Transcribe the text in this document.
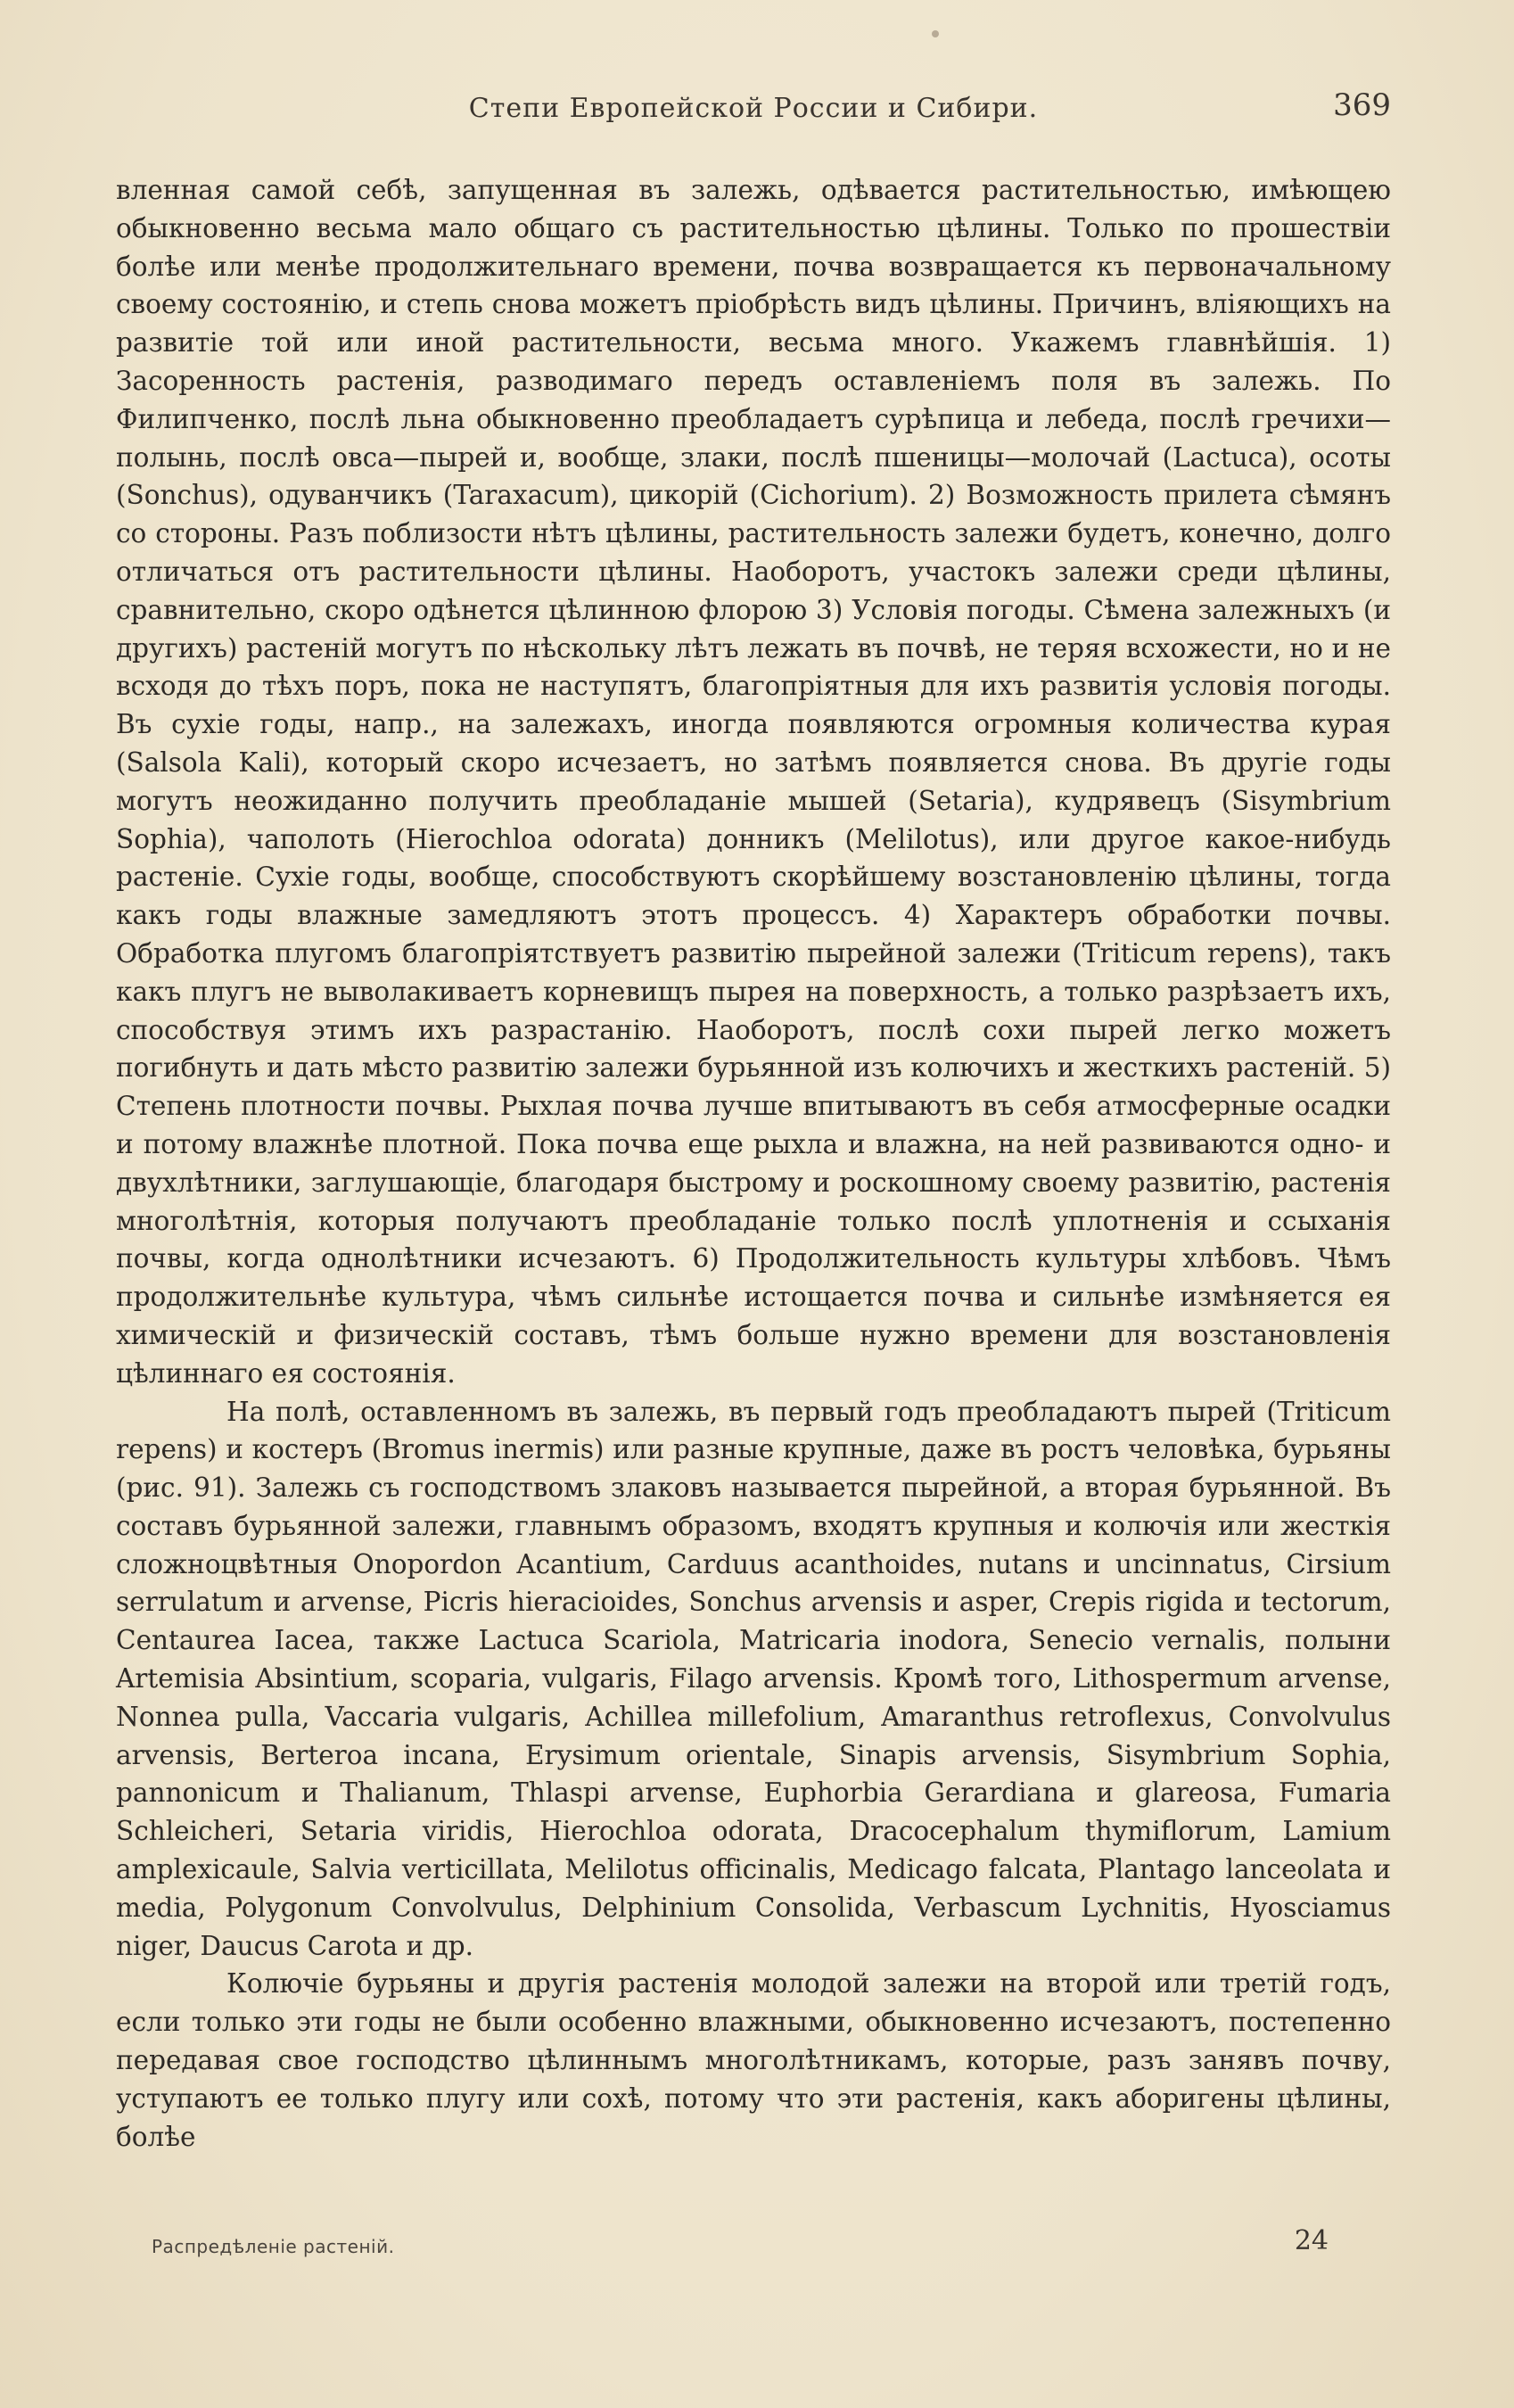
Степи Европейской России и Сибири.	369

вленная самой себѣ, запущенная въ залежь, одѣвается растительностью, имѣющею обыкновенно весьма мало общаго съ растительностью цѣлины. Только по прошествіи болѣе или менѣе продолжительнаго времени, почва возвращается къ первоначальному своему состоянію, и степь снова можетъ пріобрѣсть видъ цѣлины. Причинъ, вліяющихъ на развитіе той или иной растительности, весьма много. Укажемъ главнѣйшія. 1) Засоренность растенія, разводимаго передъ оставленіемъ поля въ залежь. По Филипченко, послѣ льна обыкновенно преобладаетъ сурѣпица и лебеда, послѣ гречихи—полынь, послѣ овса—пырей и, вообще, злаки, послѣ пшеницы—молочай (Lactuca), осоты (Sonchus), одуванчикъ (Taraxacum), цикорій (Cichorium). 2) Возможность прилета сѣмянъ со стороны. Разъ поблизости нѣтъ цѣлины, растительность залежи будетъ, конечно, долго отличаться отъ растительности цѣлины. Наоборотъ, участокъ залежи среди цѣлины, сравнительно, скоро одѣнется цѣлинною флорою 3) Условія погоды. Сѣмена залежныхъ (и другихъ) растеній могутъ по нѣскольку лѣтъ лежать въ почвѣ, не теряя всхожести, но и не всходя до тѣхъ поръ, пока не наступятъ, благопріятныя для ихъ развитія условія погоды. Въ сухіе годы, напр., на залежахъ, иногда появляются огромныя количества курая (Salsola Kali), который скоро исчезаетъ, но затѣмъ появляется снова. Въ другіе годы могутъ неожиданно получить преобладаніе мышей (Setaria), кудрявецъ (Sisymbrium Sophia), чаполоть (Hierochloa odorata) донникъ (Melilotus), или другое какое-нибудь растеніе. Сухіе годы, вообще, способствуютъ скорѣйшему возстановленію цѣлины, тогда какъ годы влажные замедляютъ этотъ процессъ. 4) Характеръ обработки почвы. Обработка плугомъ благопріятствуетъ развитію пырейной залежи (Triticum repens), такъ какъ плугъ не выволакиваетъ корневищъ пырея на поверхность, а только разрѣзаетъ ихъ, способствуя этимъ ихъ разрастанію. Наоборотъ, послѣ сохи пырей легко можетъ погибнуть и дать мѣсто развитію залежи бурьянной изъ колючихъ и жесткихъ растеній. 5) Степень плотности почвы. Рыхлая почва лучше впитываютъ въ себя атмосферные осадки и потому влажнѣе плотной. Пока почва еще рыхла и влажна, на ней развиваются одно- и двухлѣтники, заглушающіе, благодаря быстрому и роскошному своему развитію, растенія многолѣтнія, которыя получаютъ преобладаніе только послѣ уплотненія и ссыханія почвы, когда однолѣтники исчезаютъ. 6) Продолжительность культуры хлѣбовъ. Чѣмъ продолжительнѣе культура, чѣмъ сильнѣе истощается почва и сильнѣе измѣняется ея химическій и физическій составъ, тѣмъ больше нужно времени для возстановленія цѣлиннаго ея состоянія.

На полѣ, оставленномъ въ залежь, въ первый годъ преобладаютъ пырей (Triticum repens) и костеръ (Bromus inermis) или разные крупные, даже въ ростъ человѣка, бурьяны (рис. 91). Залежь съ господствомъ злаковъ называется пырейной, а вторая бурьянной. Въ составъ бурьянной залежи, главнымъ образомъ, входятъ крупныя и колючія или жесткія сложноцвѣтныя Onopordon Acantium, Carduus acanthoides, nutans и uncinnatus, Cirsium serrulatum и arvense, Picris hieracioides, Sonchus arvensis и asper, Crepis rigida и tectorum, Centaurea Iacea, также Lactuca Scariola, Matricaria inodora, Senecio vernalis, полыни Artemisia Absintium, scoparia, vulgaris, Filago arvensis. Кромѣ того, Lithospermum arvense, Nonnea pulla, Vaccaria vulgaris, Achillea millefolium, Amaranthus retroflexus, Convolvulus arvensis, Berteroa incana, Erysimum orientale, Sinapis arvensis, Sisymbrium Sophia, pannonicum и Thalianum, Thlaspi arvense, Euphorbia Gerardiana и glareosa, Fumaria Schleicheri, Setaria viridis, Hierochloa odorata, Dracocephalum thymiflorum, Lamium amplexicaule, Salvia verticillata, Melilotus officinalis, Medicago falcata, Plantago lanceolata и media, Polygonum Convolvulus, Delphinium Consolida, Verbascum Lychnitis, Hyosciamus niger, Daucus Carota и др.

Колючіе бурьяны и другія растенія молодой залежи на второй или третій годъ, если только эти годы не были особенно влажными, обыкновенно исчезаютъ, постепенно передавая свое господство цѣлиннымъ многолѣтникамъ, которые, разъ занявъ почву, уступаютъ ее только плугу или сохѣ, потому что эти растенія, какъ аборигены цѣлины, болѣе

Распредѣленіе растеній.	24
